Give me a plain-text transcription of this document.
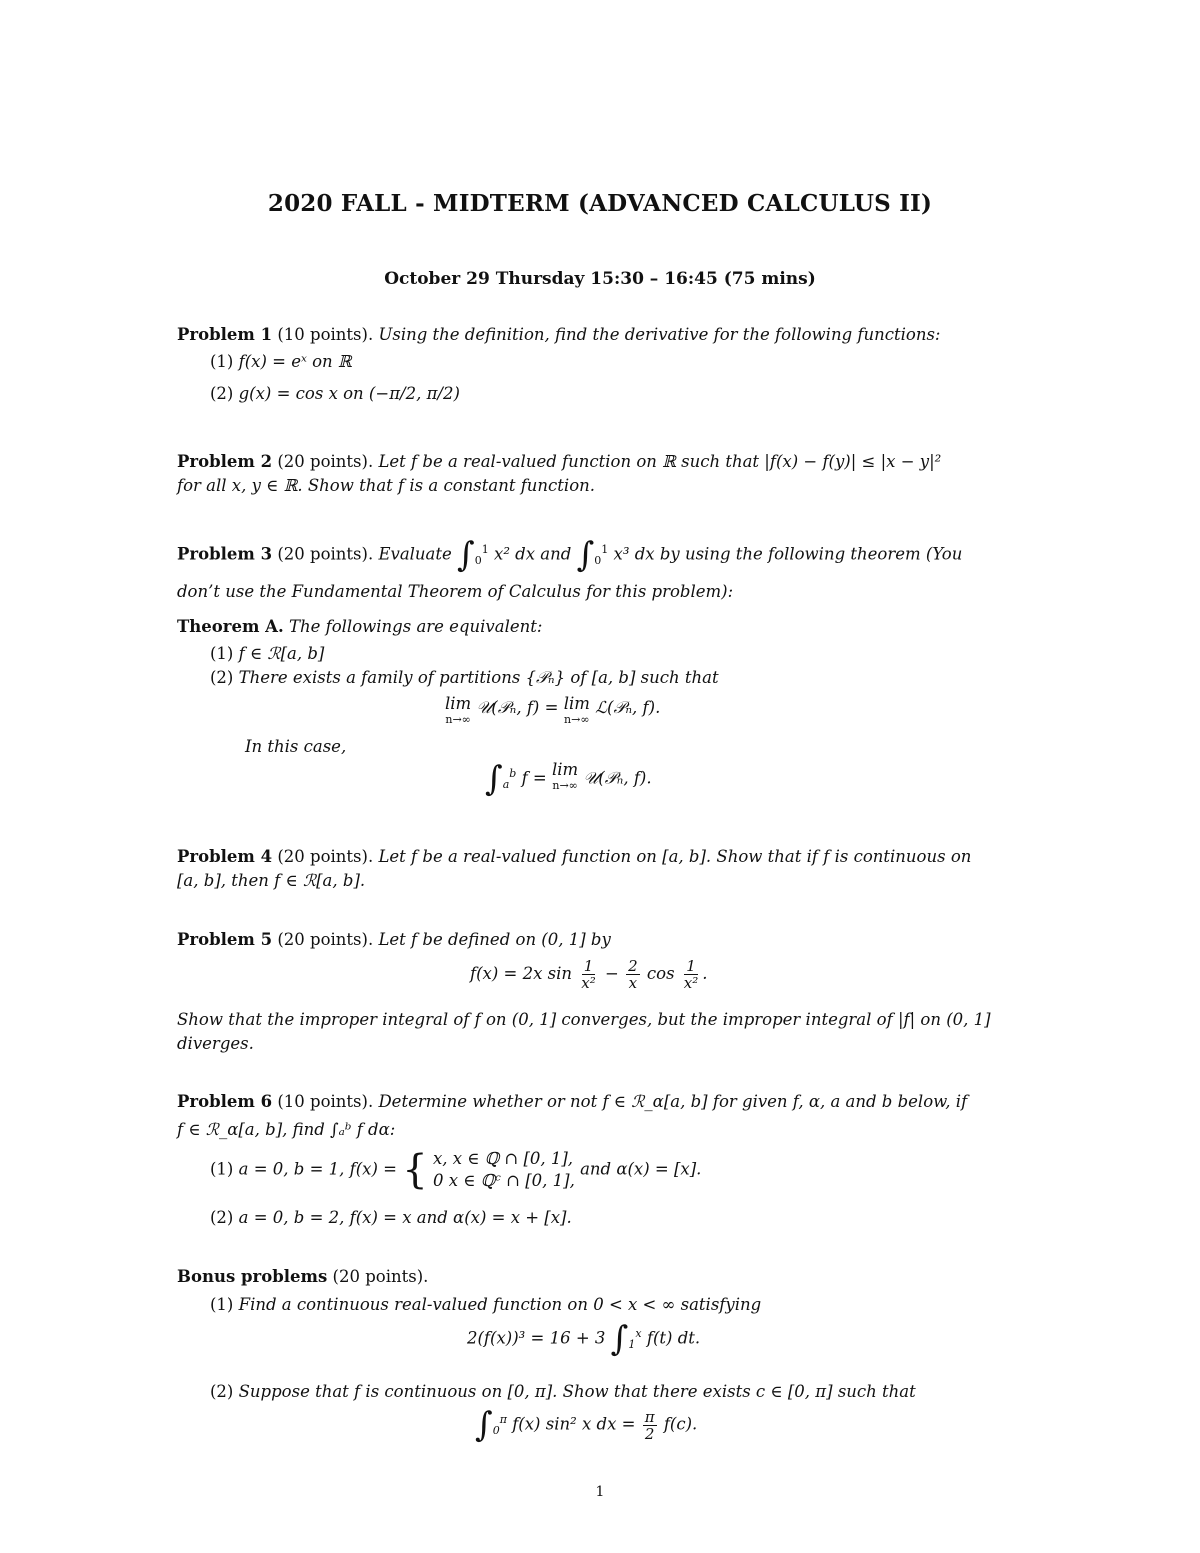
2020 FALL - MIDTERM (ADVANCED CALCULUS II)
October 29 Thursday 15:30 – 16:45 (75 mins)
Problem 1 (10 points). Using the definition, find the derivative for the following functions:
(1) f(x) = eˣ on ℝ
(2) g(x) = cos x on (−π/2, π/2)
Problem 2 (20 points). Let f be a real-valued function on ℝ such that |f(x) − f(y)| ≤ |x − y|²
for all x, y ∈ ℝ. Show that f is a constant function.
Problem 3 (20 points). Evaluate $\int_0^1$ x² dx and $\int_0^1$ x³ dx by using the following theorem (You
don’t use the Fundamental Theorem of Calculus for this problem):
Theorem A. The followings are equivalent:
(1) f ∈ ℛ[a, b]
(2) There exists a family of partitions {𝒫ₙ} of [a, b] such that
lim
n→∞
𝒰(𝒫ₙ, f) = lim
n→∞
ℒ(𝒫ₙ, f).
In this case,
$\int_a^b$ f = lim
n→∞ 𝒰(𝒫ₙ, f).
Problem 4 (20 points). Let f be a real-valued function on [a, b]. Show that if f is continuous on
[a, b], then f ∈ ℛ[a, b].
Problem 5 (20 points). Let f be defined on (0, 1] by
f(x) = 2x $\sin \frac{1}{\text{x²}} - \frac{2}{x}$ $\cos \frac{1}{\text{x²}}$ .
Show that the improper integral of f on (0, 1] converges, but the improper integral of |f| on (0, 1]
diverges.
Problem 6 (10 points). Determine whether or not f ∈ ℛ_α[a, b] for given f, α, a and b below, if
f ∈ ℛ_α[a, b], find ∫ₐᵇ f dα:
(1) a = 0, b = 1, f(x) = { x, x ∈ ℚ ∩ [0, 1],
0 x ∈ ℚᶜ ∩ [0, 1],
and α(x) = [x].
(2) a = 0, b = 2, f(x) = x and α(x) = x + [x].
Bonus problems (20 points).
(1) Find a continuous real-valued function on 0 < x < ∞ satisfying
2(f(x))³ = 16 + 3 $\int_1^x$ f(t) dt.
(2) Suppose that f is continuous on [0, π]. Show that there exists c ∈ [0, π] such that
$\int_0^\pi$ f(x) sin² x dx = $\frac{\pi}{2} f(c)$.
1
